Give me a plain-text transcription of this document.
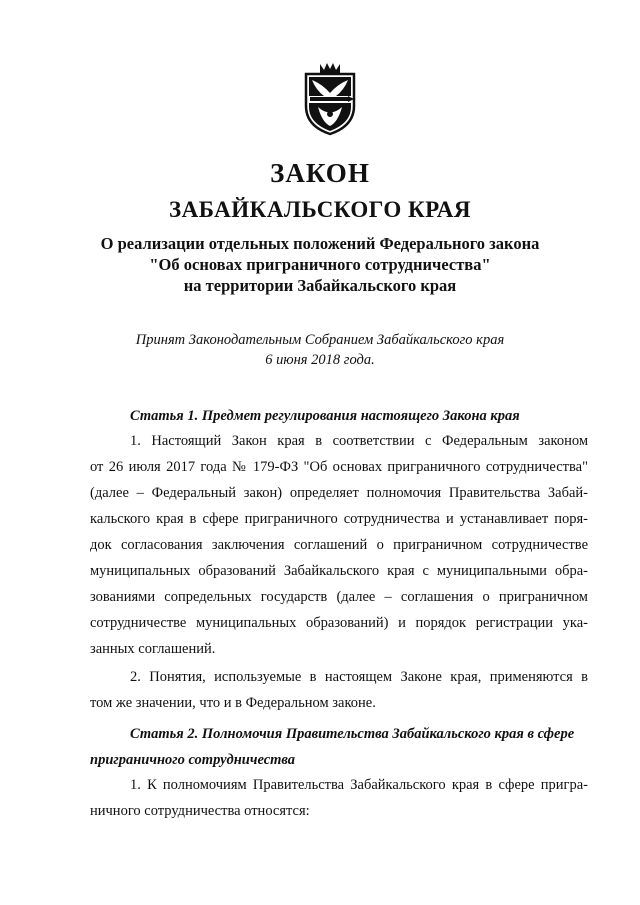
ЗАКОН
ЗАБАЙКАЛЬСКОГО КРАЯ
О реализации отдельных положений Федерального закона
"Об основах приграничного сотрудничества"
на территории Забайкальского края
Принят Законодательным Собранием Забайкальского края
6 июня 2018 года.
Статья 1. Предмет регулирования настоящего Закона края
1. Настоящий Закон края в соответствии с Федеральным законом
от 26 июля 2017 года № 179-ФЗ "Об основах приграничного сотрудничества"
(далее – Федеральный закон) определяет полномочия Правительства Забай-
кальского края в сфере приграничного сотрудничества и устанавливает поря-
док согласования заключения соглашений о приграничном сотрудничестве
муниципальных образований Забайкальского края с муниципальными обра-
зованиями сопредельных государств (далее – соглашения о приграничном
сотрудничестве муниципальных образований) и порядок регистрации ука-
занных соглашений.
2. Понятия, используемые в настоящем Законе края, применяются в
том же значении, что и в Федеральном законе.
Статья 2. Полномочия Правительства Забайкальского края в сфере
приграничного сотрудничества
1. К полномочиям Правительства Забайкальского края в сфере пригра-
ничного сотрудничества относятся:
